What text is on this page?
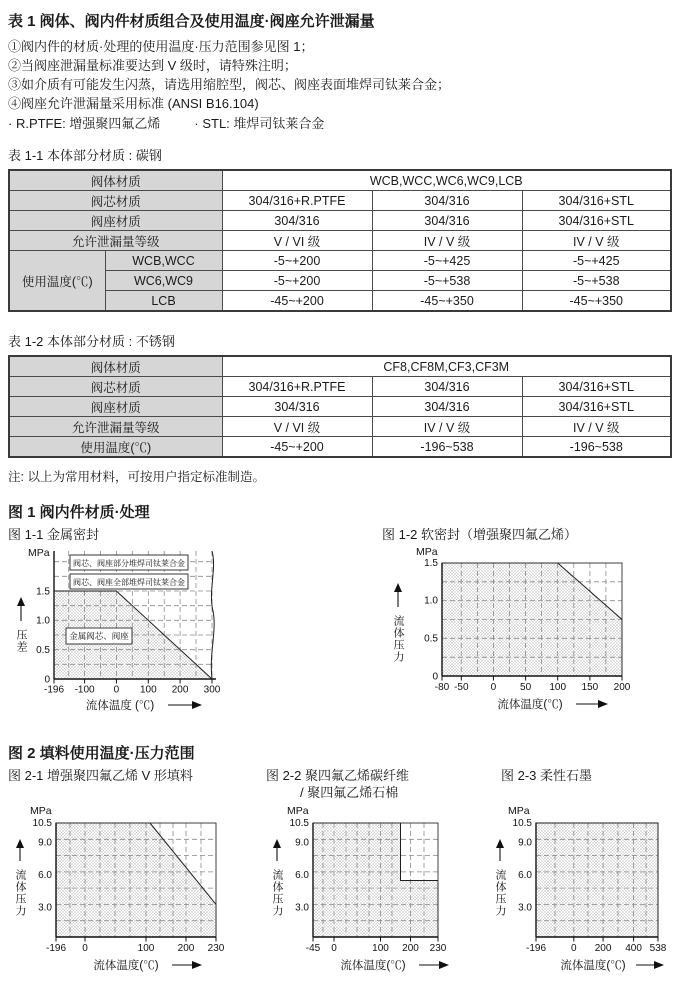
表 1 阀体、阀内件材质组合及使用温度·阀座允许泄漏量
①阀内件的材质·处理的使用温度·压力范围参见图 1；
②当阀座泄漏量标准要达到 V 级时，请特殊注明；
③如介质有可能发生闪蒸，请选用缩腔型，阀芯、阀座表面堆焊司钛莱合金；
④阀座允许泄漏量采用标准 (ANSI B16.104)
· R.PTFE: 增强聚四氟乙烯	· STL: 堆焊司钛莱合金
表 1-1 本体部分材质 : 碳钢
阀体材质		WCB,WCC,WC6,WC9,LCB		
阀芯材质		304/316+R.PTFE	304/316	304/316+STL
阀座材质		304/316	304/316	304/316+STL
允许泄漏量等级		V / VI 级	IV / V 级	IV / V 级
使用温度(℃)	WCB,WCC	-5~+200	-5~+425	-5~+425
	WC6,WC9	-5~+200	-5~+538	-5~+538
	LCB	-45~+200	-45~+350	-45~+350
表 1-2 本体部分材质 : 不锈钢
阀体材质	CF8,CF8M,CF3,CF3M		
阀芯材质	304/316+R.PTFE	304/316	304/316+STL
阀座材质	304/316	304/316	304/316+STL
允许泄漏量等级	V / VI 级	IV / V 级	IV / V 级
使用温度(℃)	-45~+200	-196~538	-196~538
注: 以上为常用材料，可按用户指定标准制造。
图 1 阀内件材质·处理
图 1-1 金属密封
阀芯、阀座部分堆焊司钛莱合金
阀芯、阀座全部堆焊司钛莱合金
金属阀芯、阀座
0
0.5
1.0
1.5
MPa
-196 -100 0 100 200 300
压差
流体温度 (℃)
图 1-2 软密封（增强聚四氟乙烯）
0
0.5
1.0
1.5
MPa
-80 -50 0 50 100 150 200
流体压力
流体温度(℃)
图 2 填料使用温度·压力范围
图 2-1 增强聚四氟乙烯 V 形填料
3.0
6.0
9.0
10.5
MPa
-196 0	100 200 230
流体压力
流体温度(℃)
图 2-2 聚四氟乙烯碳纤维
/ 聚四氟乙烯石棉
3.0
6.0
9.0
10.5
MPa
-45 0	100 200 230
流体压力
流体温度(℃)
图 2-3 柔性石墨
3.0
6.0
9.0
10.5
MPa
-196	0 200 400 538
流体压力
流体温度(℃)
